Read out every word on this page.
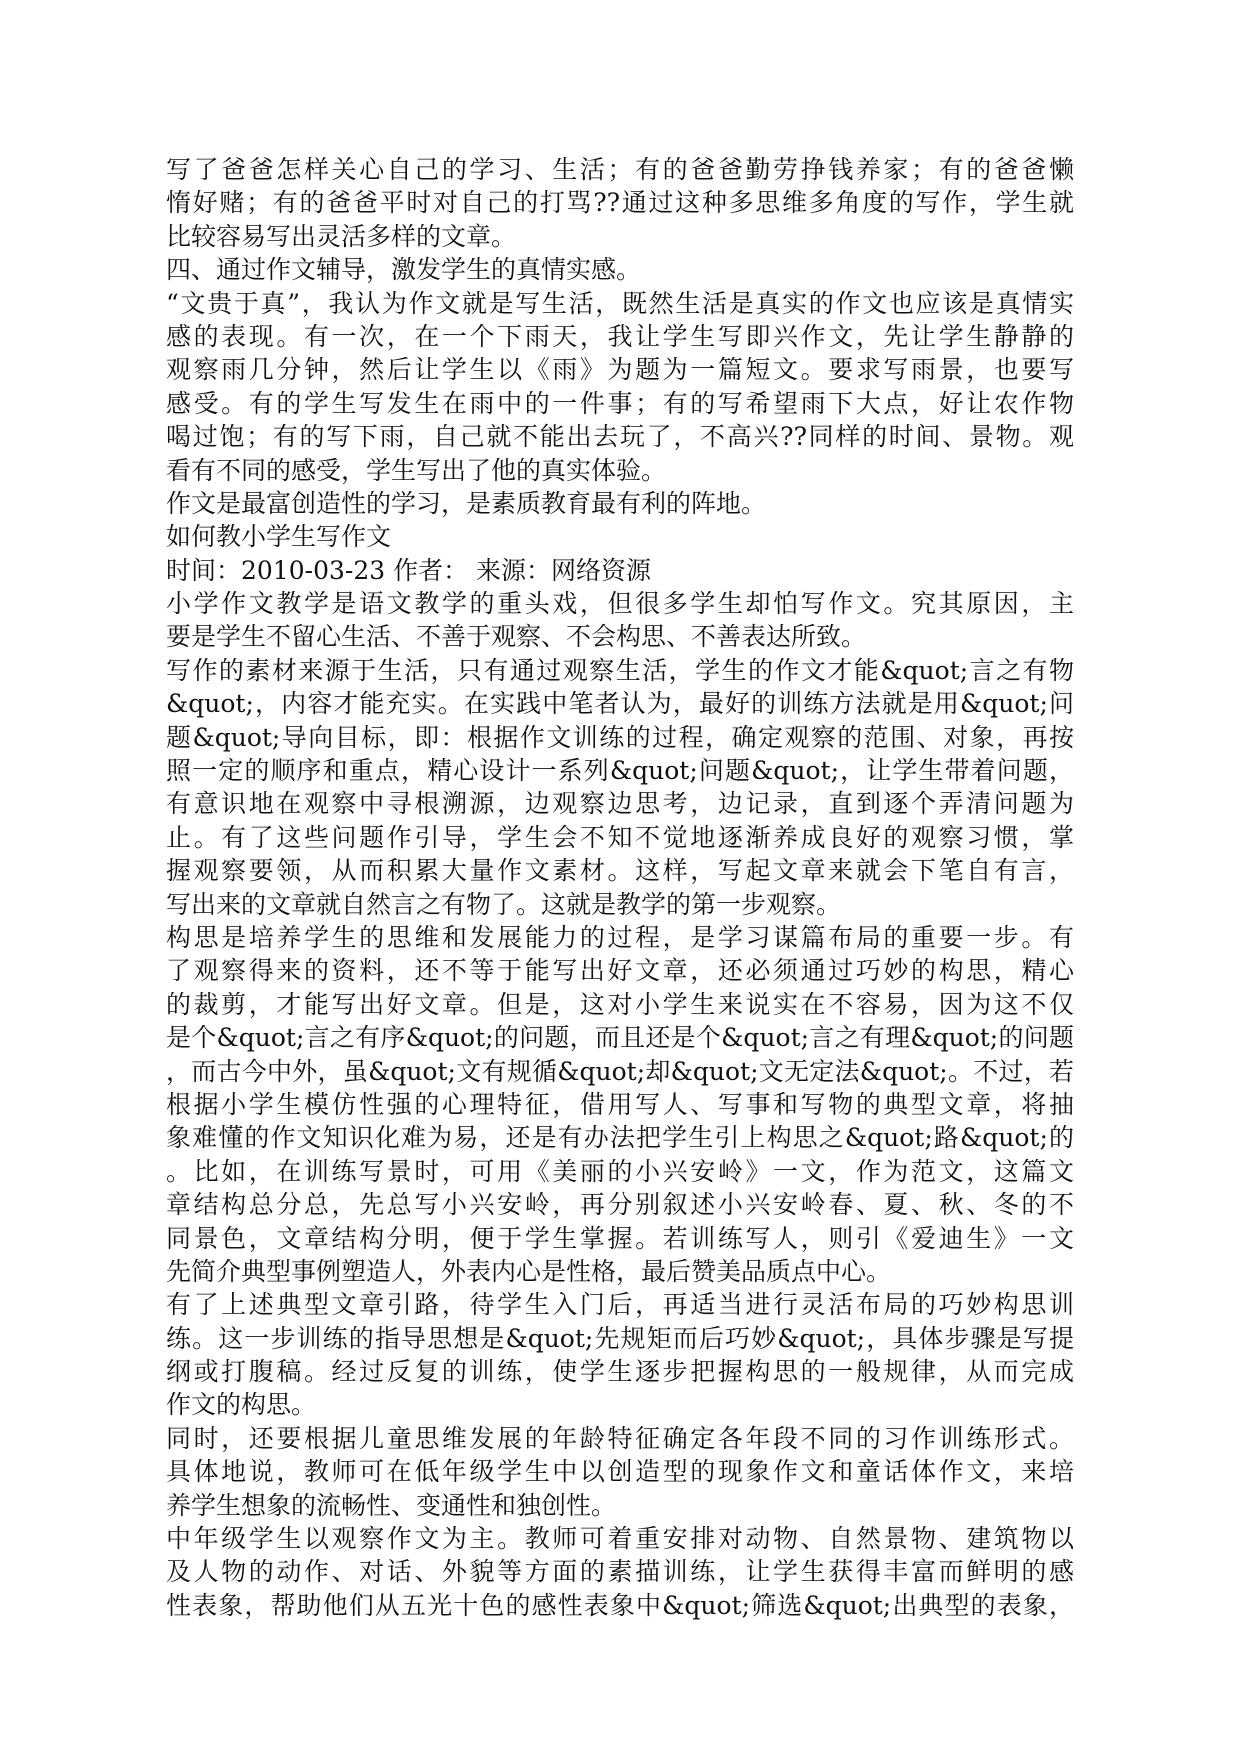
写了爸爸怎样关心自己的学习、生活；有的爸爸勤劳挣钱养家；有的爸爸懒
惰好赌；有的爸爸平时对自己的打骂??通过这种多思维多角度的写作，学生就
比较容易写出灵活多样的文章。
四、通过作文辅导，激发学生的真情实感。
“文贵于真”，我认为作文就是写生活，既然生活是真实的作文也应该是真情实
感的表现。有一次，在一个下雨天，我让学生写即兴作文，先让学生静静的
观察雨几分钟，然后让学生以《雨》为题为一篇短文。要求写雨景，也要写
感受。有的学生写发生在雨中的一件事；有的写希望雨下大点，好让农作物
喝过饱；有的写下雨，自己就不能出去玩了，不高兴??同样的时间、景物。观
看有不同的感受，学生写出了他的真实体验。
作文是最富创造性的学习，是素质教育最有利的阵地。
如何教小学生写作文
时间：2010-03-23 作者： 来源：网络资源
小学作文教学是语文教学的重头戏，但很多学生却怕写作文。究其原因，主
要是学生不留心生活、不善于观察、不会构思、不善表达所致。
写作的素材来源于生活，只有通过观察生活，学生的作文才能&quot;言之有物
&quot;，内容才能充实。在实践中笔者认为，最好的训练方法就是用&quot;问
题&quot;导向目标，即：根据作文训练的过程，确定观察的范围、对象，再按
照一定的顺序和重点，精心设计一系列&quot;问题&quot;，让学生带着问题，
有意识地在观察中寻根溯源，边观察边思考，边记录，直到逐个弄清问题为
止。有了这些问题作引导，学生会不知不觉地逐渐养成良好的观察习惯，掌
握观察要领，从而积累大量作文素材。这样，写起文章来就会下笔自有言，
写出来的文章就自然言之有物了。这就是教学的第一步观察。
构思是培养学生的思维和发展能力的过程，是学习谋篇布局的重要一步。有
了观察得来的资料，还不等于能写出好文章，还必须通过巧妙的构思，精心
的裁剪，才能写出好文章。但是，这对小学生来说实在不容易，因为这不仅
是个&quot;言之有序&quot;的问题，而且还是个&quot;言之有理&quot;的问题
，而古今中外，虽&quot;文有规循&quot;却&quot;文无定法&quot;。不过，若
根据小学生模仿性强的心理特征，借用写人、写事和写物的典型文章，将抽
象难懂的作文知识化难为易，还是有办法把学生引上构思之&quot;路&quot;的
。比如，在训练写景时，可用《美丽的小兴安岭》一文，作为范文，这篇文
章结构总分总，先总写小兴安岭，再分别叙述小兴安岭春、夏、秋、冬的不
同景色，文章结构分明，便于学生掌握。若训练写人，则引《爱迪生》一文
先简介典型事例塑造人，外表内心是性格，最后赞美品质点中心。
有了上述典型文章引路，待学生入门后，再适当进行灵活布局的巧妙构思训
练。这一步训练的指导思想是&quot;先规矩而后巧妙&quot;，具体步骤是写提
纲或打腹稿。经过反复的训练，使学生逐步把握构思的一般规律，从而完成
作文的构思。
同时，还要根据儿童思维发展的年龄特征确定各年段不同的习作训练形式。
具体地说，教师可在低年级学生中以创造型的现象作文和童话体作文，来培
养学生想象的流畅性、变通性和独创性。
中年级学生以观察作文为主。教师可着重安排对动物、自然景物、建筑物以
及人物的动作、对话、外貌等方面的素描训练，让学生获得丰富而鲜明的感
性表象，帮助他们从五光十色的感性表象中&quot;筛选&quot;出典型的表象，
